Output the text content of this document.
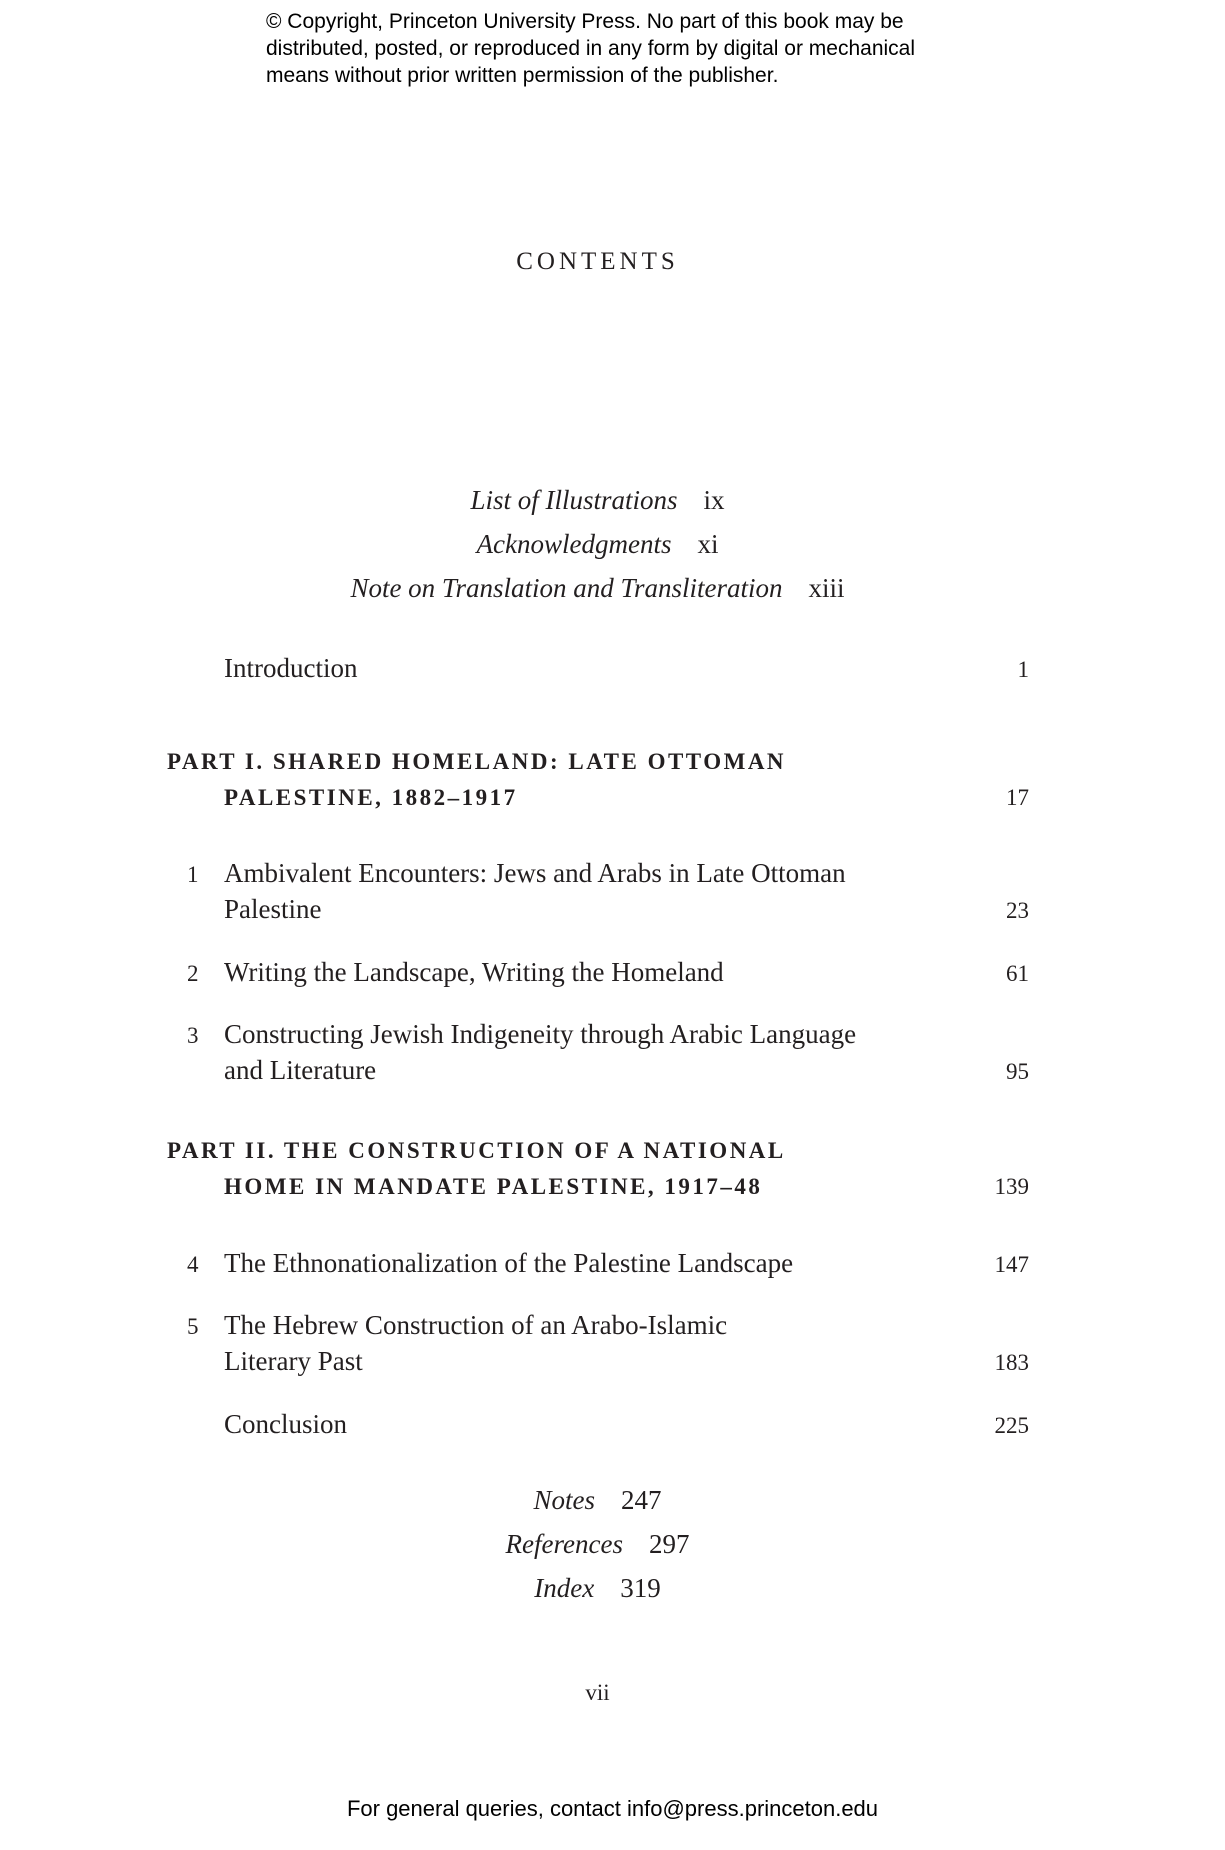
© Copyright, Princeton University Press. No part of this book may be
distributed, posted, or reproduced in any form by digital or mechanical
means without prior written permission of the publisher.
CONTENTS
List of Illustrations ix
Acknowledgments xi
Note on Translation and Transliteration xiii
Introduction	1
PART I. SHARED HOMELAND: LATE OTTOMAN
PALESTINE, 1882–1917	17
1 Ambivalent Encounters: Jews and Arabs in Late Ottoman
Palestine	23
2 Writing the Landscape, Writing the Homeland	61
3 Constructing Jewish Indigeneity through Arabic Language
and Literature	95
PART II. THE CONSTRUCTION OF A NATIONAL
HOME IN MANDATE PALESTINE, 1917–48	139
4 The Ethnonationalization of the Palestine Landscape	147
5 The Hebrew Construction of an Arabo-Islamic
Literary Past	183
Conclusion	225
Notes 247
References 297
Index 319
vii
For general queries, contact info@press.princeton.edu
